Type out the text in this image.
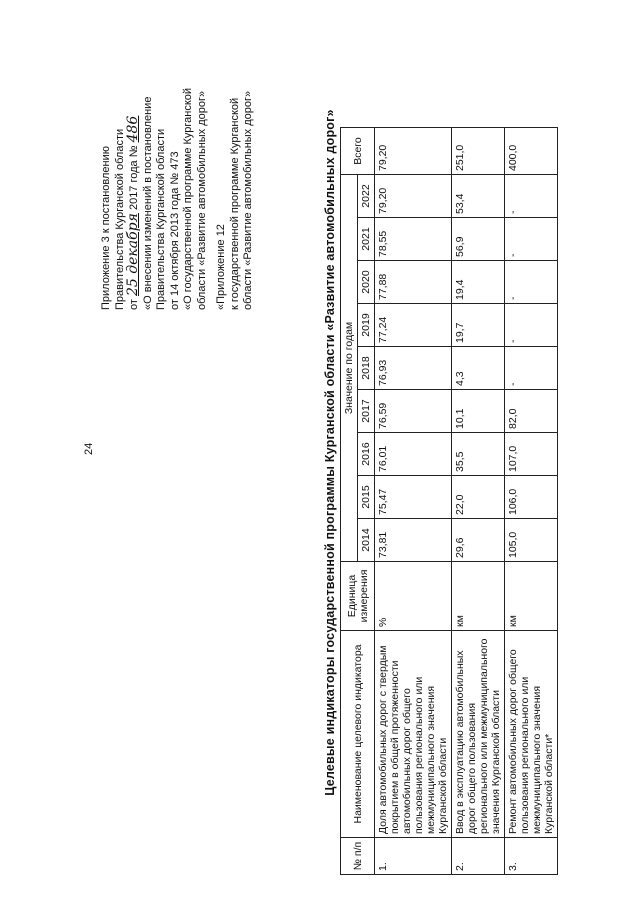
24
Приложение 3 к постановлению Правительства Курганской области от 25 декабря 2017 года № 486 «О внесении изменений в постановление Правительства Курганской области от 14 октября 2013 года № 473 «О государственной программе Курганской области «Развитие автомобильных дорог» «Приложение 12 к государственной программе Курганской области «Развитие автомобильных дорог»	Целевые индикаторы государственной программы Курганской области «Развитие автомобильных дорог»
№ п/п	Наименование целевого индикатора	Единица измерения	Значение по годам									Всего
			2014	2015	2016	2017	2018	2019	2020	2021	2022	
1.	Доля автомобильных дорог с твердым покрытием в общей протяженности автомобильных дорог общего пользования регионального или межмуниципального значения Курганской области	%	73,81	75,47	76,01	76,59	76,93	77,24	77,88	78,55	79,20	79,20
2.	Ввод в эксплуатацию автомобильных дорог общего пользования регионального или межмуниципального значения Курганской области	км	29,6	22,0	35,5	10,1	4,3	19,7	19,4	56,9	53,4	251,0
3.	Ремонт автомобильных дорог общего пользования регионального или межмуниципального значения Курганской области*	км	105,0	106,0	107,0	82,0	-	-	-	-	-	400,0
